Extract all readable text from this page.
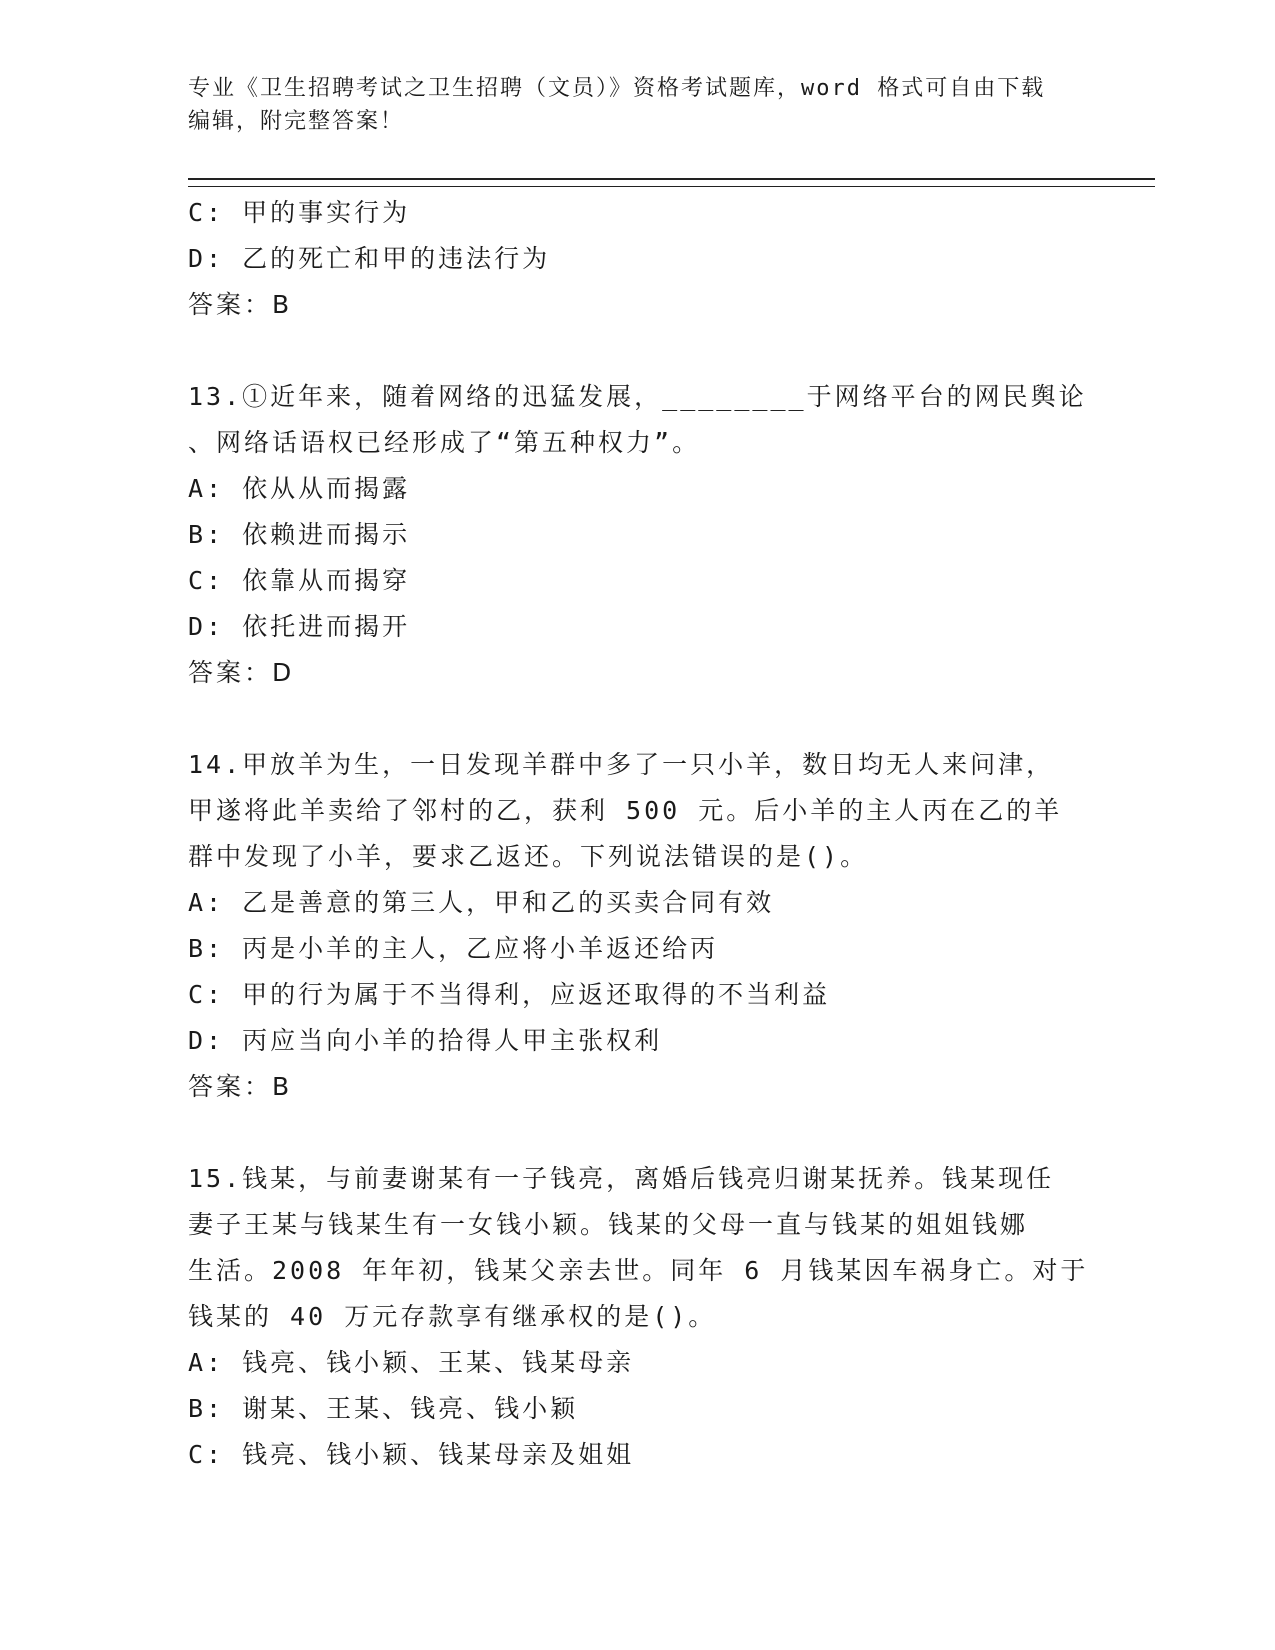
专业《卫生招聘考试之卫生招聘（文员）》资格考试题库，word 格式可自由下载
编辑，附完整答案！
C: 甲的事实行为
D: 乙的死亡和甲的违法行为
答案：B
13.①近年来，随着网络的迅猛发展，________于网络平台的网民舆论
、网络话语权已经形成了“第五种权力”。
A: 依从从而揭露
B: 依赖进而揭示
C: 依靠从而揭穿
D: 依托进而揭开
答案：D
14.甲放羊为生，一日发现羊群中多了一只小羊，数日均无人来问津，
甲遂将此羊卖给了邻村的乙，获利 500 元。后小羊的主人丙在乙的羊
群中发现了小羊，要求乙返还。下列说法错误的是()。
A: 乙是善意的第三人，甲和乙的买卖合同有效
B: 丙是小羊的主人，乙应将小羊返还给丙
C: 甲的行为属于不当得利，应返还取得的不当利益
D: 丙应当向小羊的拾得人甲主张权利
答案：B
15.钱某，与前妻谢某有一子钱亮，离婚后钱亮归谢某抚养。钱某现任
妻子王某与钱某生有一女钱小颖。钱某的父母一直与钱某的姐姐钱娜
生活。2008 年年初，钱某父亲去世。同年 6 月钱某因车祸身亡。对于
钱某的 40 万元存款享有继承权的是()。
A: 钱亮、钱小颖、王某、钱某母亲
B: 谢某、王某、钱亮、钱小颖
C: 钱亮、钱小颖、钱某母亲及姐姐
